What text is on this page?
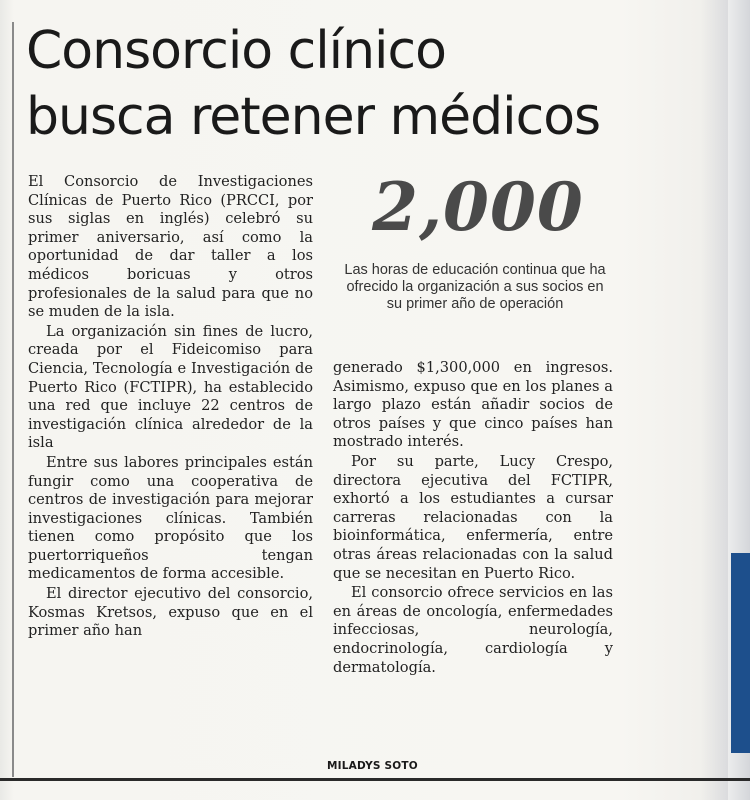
Consorcio clínico
busca retener médicos

El Consorcio de Investigaciones Clínicas de Puerto Rico (PRCCI, por sus siglas en inglés) celebró su primer aniversario, así como la oportunidad de dar taller a los médicos boricuas y otros profesionales de la salud para que no se muden de la isla.

La organización sin fines de lucro, creada por el Fideicomiso para Ciencia, Tecnología e Investigación de Puerto Rico (FCTIPR), ha establecido una red que incluye 22 centros de investigación clínica alrededor de la isla

Entre sus labores principales están fungir como una cooperativa de centros de investigación para mejorar investigaciones clínicas. También tienen como propósito que los puertorriqueños tengan medicamentos de forma accesible.

El director ejecutivo del consorcio, Kosmas Kretsos, expuso que en el primer año han

2,000
Las horas de educación continua que ha ofrecido la organización a sus socios en su primer año de operación

generado $1,300,000 en ingresos. Asimismo, expuso que en los planes a largo plazo están añadir socios de otros países y que cinco países han mostrado interés.

Por su parte, Lucy Crespo, directora ejecutiva del FCTIPR, exhortó a los estudiantes a cursar carreras relacionadas con la bioinformática, enfermería, entre otras áreas relacionadas con la salud que se necesitan en Puerto Rico.

El consorcio ofrece servicios en las en áreas de oncología, enfermedades infecciosas, neurología, endocrinología, cardiología y dermatología.

MILADYS SOTO
